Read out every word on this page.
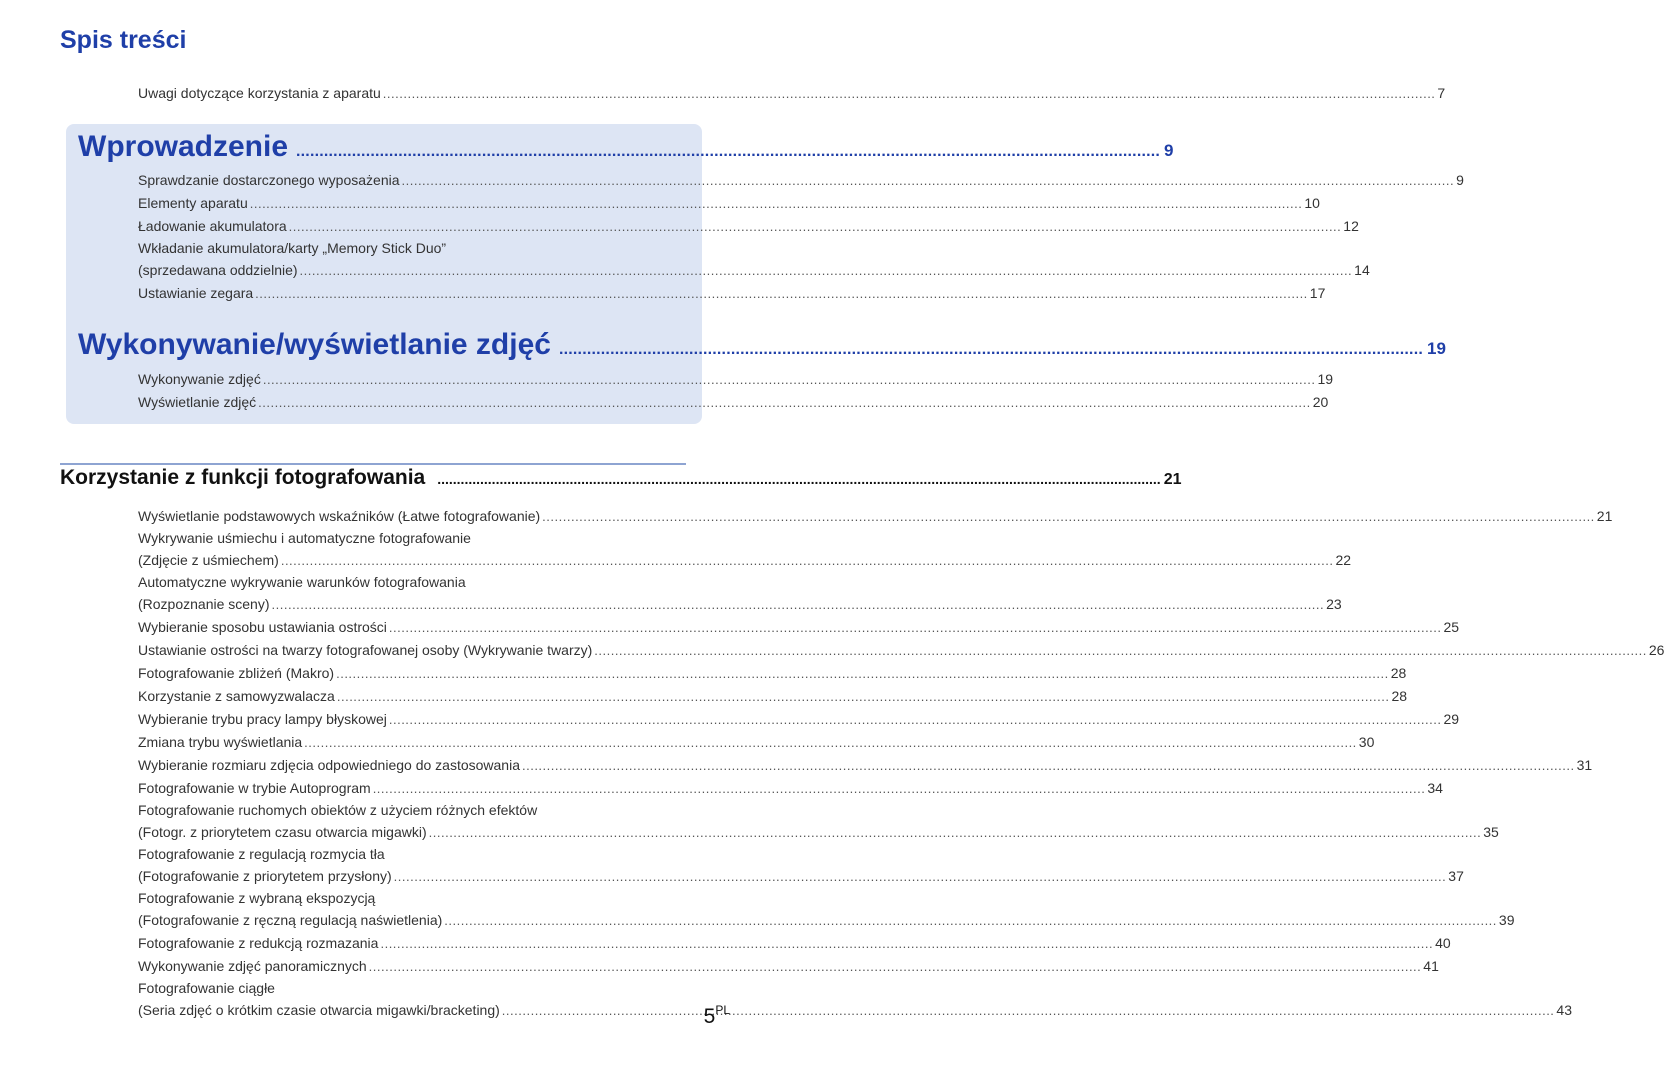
Spis treści
Uwagi dotyczące korzystania z aparatu .....	7
Wprowadzenie .....	9
Sprawdzanie dostarczonego wyposażenia .....	9
Elementy aparatu .....	10
Ładowanie akumulatora .....	12
Wkładanie akumulatora/karty „Memory Stick Duo”
(sprzedawana oddzielnie) .....	14
Ustawianie zegara .....	17
Wykonywanie/wyświetlanie zdjęć .....	19
Wykonywanie zdjęć .....	19
Wyświetlanie zdjęć .....	20
Korzystanie z funkcji fotografowania .....	21
Wyświetlanie podstawowych wskaźników (Łatwe fotografowanie) .....	21
Wykrywanie uśmiechu i automatyczne fotografowanie
(Zdjęcie z uśmiechem) .....	22
Automatyczne wykrywanie warunków fotografowania
(Rozpoznanie sceny) .....	23
Wybieranie sposobu ustawiania ostrości .....	25
Ustawianie ostrości na twarzy fotografowanej osoby (Wykrywanie twarzy) .....	26
Fotografowanie zbliżeń (Makro) .....	28
Korzystanie z samowyzwalacza .....	28
Wybieranie trybu pracy lampy błyskowej .....	29
Zmiana trybu wyświetlania .....	30
Wybieranie rozmiaru zdjęcia odpowiedniego do zastosowania .....	31
Fotografowanie w trybie Autoprogram .....	34
Fotografowanie ruchomych obiektów z użyciem różnych efektów
(Fotogr. z priorytetem czasu otwarcia migawki) .....	35
Fotografowanie z regulacją rozmycia tła
(Fotografowanie z priorytetem przysłony) .....	37
Fotografowanie z wybraną ekspozycją
(Fotografowanie z ręczną regulacją naświetlenia) .....	39
Fotografowanie z redukcją rozmazania .....	40
Wykonywanie zdjęć panoramicznych .....	41
Fotografowanie ciągłe
(Seria zdjęć o krótkim czasie otwarcia migawki/bracketing) .....	43
$5^{PL}$
